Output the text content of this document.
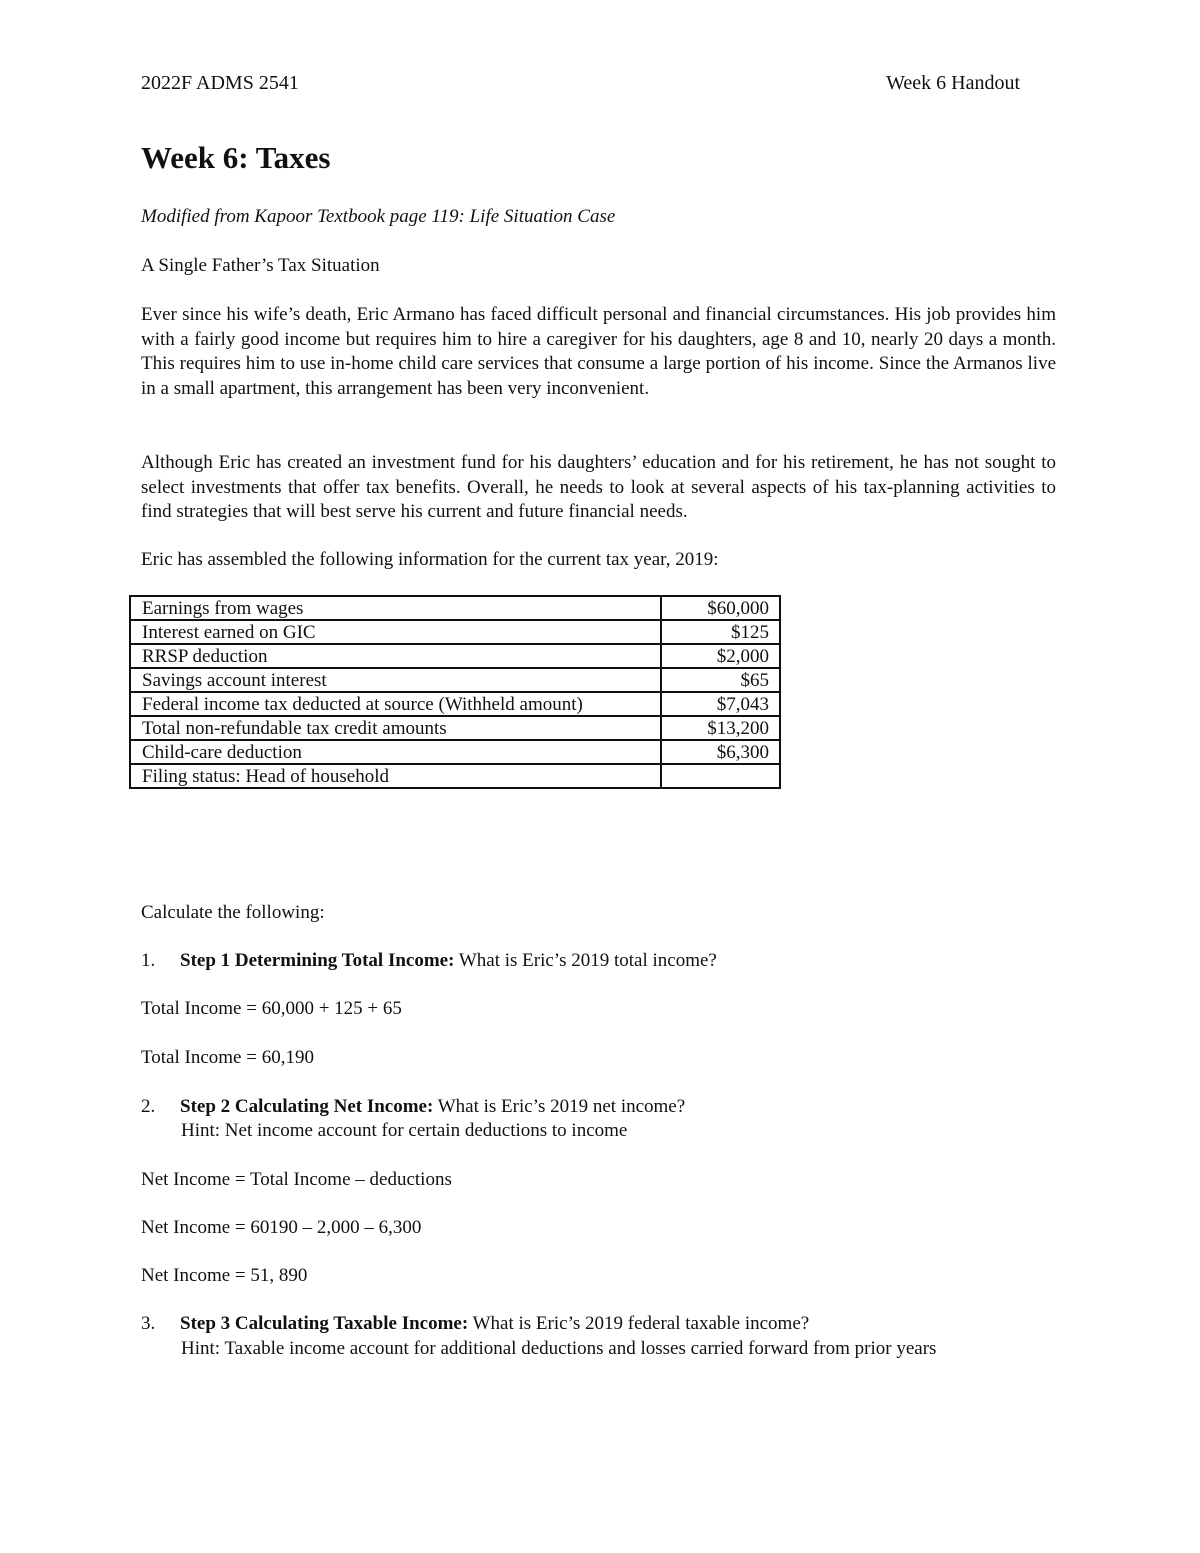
2022F ADMS 2541	Week 6 Handout
Week 6: Taxes
Modified from Kapoor Textbook page 119: Life Situation Case
A Single Father’s Tax Situation

Ever since his wife’s death, Eric Armano has faced difficult personal and financial circumstances. His job provides him with a fairly good income but requires him to hire a caregiver for his daughters, age 8 and 10, nearly 20 days a month. This requires him to use in-home child care services that consume a large portion of his income. Since the Armanos live in a small apartment, this arrangement has been very inconvenient.

Although Eric has created an investment fund for his daughters’ education and for his retirement, he has not sought to select investments that offer tax benefits. Overall, he needs to look at several aspects of his tax-planning activities to find strategies that will best serve his current and future financial needs.

Eric has assembled the following information for the current tax year, 2019:
Earnings from wages	$60,000
Interest earned on GIC	$125
RRSP deduction	$2,000
Savings account interest	$65
Federal income tax deducted at source (Withheld amount)	$7,043
Total non-refundable tax credit amounts	$13,200
Child-care deduction	$6,300
Filing status: Head of household	
Calculate the following:
1. Step 1 Determining Total Income: What is Eric’s 2019 total income?
Total Income = 60,000 + 125 + 65
Total Income = 60,190
2. Step 2 Calculating Net Income: What is Eric’s 2019 net income?
Hint: Net income account for certain deductions to income
Net Income = Total Income – deductions
Net Income = 60190 – 2,000 – 6,300
Net Income = 51, 890
3. Step 3 Calculating Taxable Income: What is Eric’s 2019 federal taxable income?
Hint: Taxable income account for additional deductions and losses carried forward from prior years
